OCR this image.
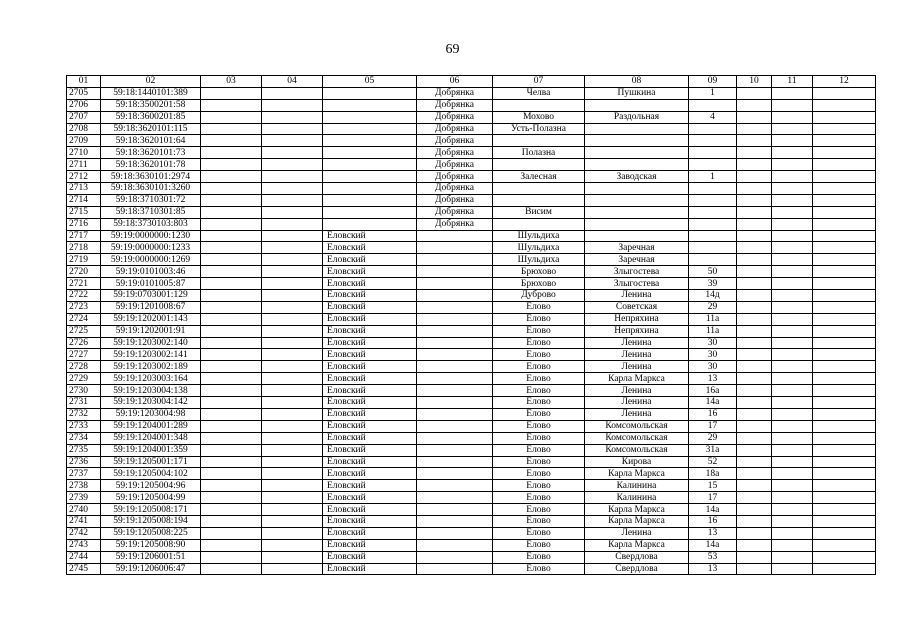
69
01	02	03	04	05	06	07	08	09	10	11	12
2705	59:18:1440101:389				Добрянка	Челва	Пушкина	1			
2706	59:18:3500201:58				Добрянка						
2707	59:18:3600201:85				Добрянка	Мохово	Раздольная	4			
2708	59:18:3620101:115				Добрянка	Усть-Полазна					
2709	59:18:3620101:64				Добрянка						
2710	59:18:3620101:73				Добрянка	Полазна					
2711	59:18:3620101:78				Добрянка						
2712	59:18:3630101:2974				Добрянка	Залесная	Заводская	1			
2713	59:18:3630101:3260				Добрянка						
2714	59:18:3710301:72				Добрянка						
2715	59:18:3710301:85				Добрянка	Висим					
2716	59:18:3730103:803				Добрянка						
2717	59:19:0000000:1230			Еловский		Шульдиха					
2718	59:19:0000000:1233			Еловский		Шульдиха	Заречная				
2719	59:19:0000000:1269			Еловский		Шульдиха	Заречная				
2720	59:19:0101003:46			Еловский		Брюхово	Злыгостева	50			
2721	59:19:0101005:87			Еловский		Брюхово	Злыгостева	39			
2722	59:19:0703001:129			Еловский		Дуброво	Ленина	14д			
2723	59:19:1201008:67			Еловский		Елово	Советская	29			
2724	59:19:1202001:143			Еловский		Елово	Непряхина	11а			
2725	59:19:1202001:91			Еловский		Елово	Непряхина	11а			
2726	59:19:1203002:140			Еловский		Елово	Ленина	30			
2727	59:19:1203002:141			Еловский		Елово	Ленина	30			
2728	59:19:1203002:189			Еловский		Елово	Ленина	30			
2729	59:19:1203003:164			Еловский		Елово	Карла Маркса	13			
2730	59:19:1203004:138			Еловский		Елово	Ленина	16а			
2731	59:19:1203004:142			Еловский		Елово	Ленина	14а			
2732	59:19:1203004:98			Еловский		Елово	Ленина	16			
2733	59:19:1204001:289			Еловский		Елово	Комсомольская	17			
2734	59:19:1204001:348			Еловский		Елово	Комсомольская	29			
2735	59:19:1204001:359			Еловский		Елово	Комсомольская	31а			
2736	59:19:1205001:171			Еловский		Елово	Кирова	52			
2737	59:19:1205004:102			Еловский		Елово	Карла Маркса	18а			
2738	59:19:1205004:96			Еловский		Елово	Калинина	15			
2739	59:19:1205004:99			Еловский		Елово	Калинина	17			
2740	59:19:1205008:171			Еловский		Елово	Карла Маркса	14а			
2741	59:19:1205008:194			Еловский		Елово	Карла Маркса	16			
2742	59:19:1205008:225			Еловский		Елово	Ленина	13			
2743	59:19:1205008:90			Еловский		Елово	Карла Маркса	14а			
2744	59:19:1206001:51			Еловский		Елово	Свердлова	53			
2745	59:19:1206006:47			Еловский		Елово	Свердлова	13			
